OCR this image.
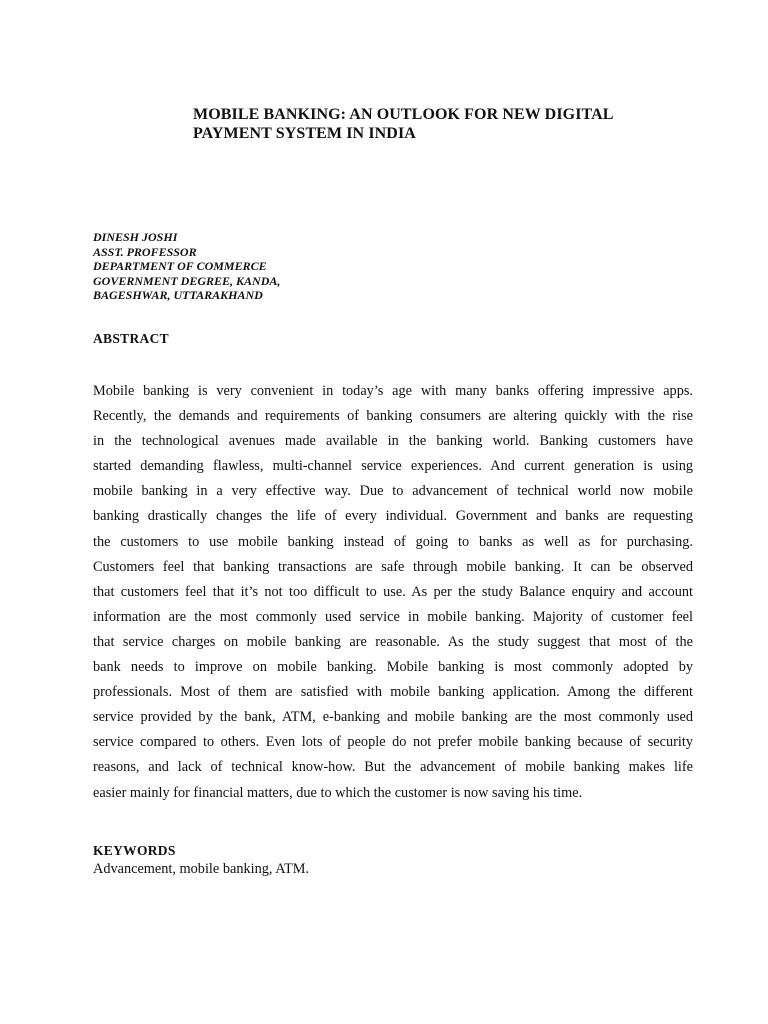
MOBILE BANKING: AN OUTLOOK FOR NEW DIGITAL
PAYMENT SYSTEM IN INDIA
DINESH JOSHI
ASST. PROFESSOR
DEPARTMENT OF COMMERCE
GOVERNMENT DEGREE, KANDA,
BAGESHWAR, UTTARAKHAND
ABSTRACT
Mobile banking is very convenient in today’s age with many banks offering impressive apps.
Recently, the demands and requirements of banking consumers are altering quickly with the rise
in the technological avenues made available in the banking world. Banking customers have
started demanding flawless, multi-channel service experiences. And current generation is using
mobile banking in a very effective way. Due to advancement of technical world now mobile
banking drastically changes the life of every individual. Government and banks are requesting
the customers to use mobile banking instead of going to banks as well as for purchasing.
Customers feel that banking transactions are safe through mobile banking. It can be observed
that customers feel that it’s not too difficult to use. As per the study Balance enquiry and account
information are the most commonly used service in mobile banking. Majority of customer feel
that service charges on mobile banking are reasonable. As the study suggest that most of the
bank needs to improve on mobile banking. Mobile banking is most commonly adopted by
professionals. Most of them are satisfied with mobile banking application. Among the different
service provided by the bank, ATM, e-banking and mobile banking are the most commonly used
service compared to others. Even lots of people do not prefer mobile banking because of security
reasons, and lack of technical know-how. But the advancement of mobile banking makes life
easier mainly for financial matters, due to which the customer is now saving his time.
KEYWORDS

Advancement, mobile banking, ATM.
